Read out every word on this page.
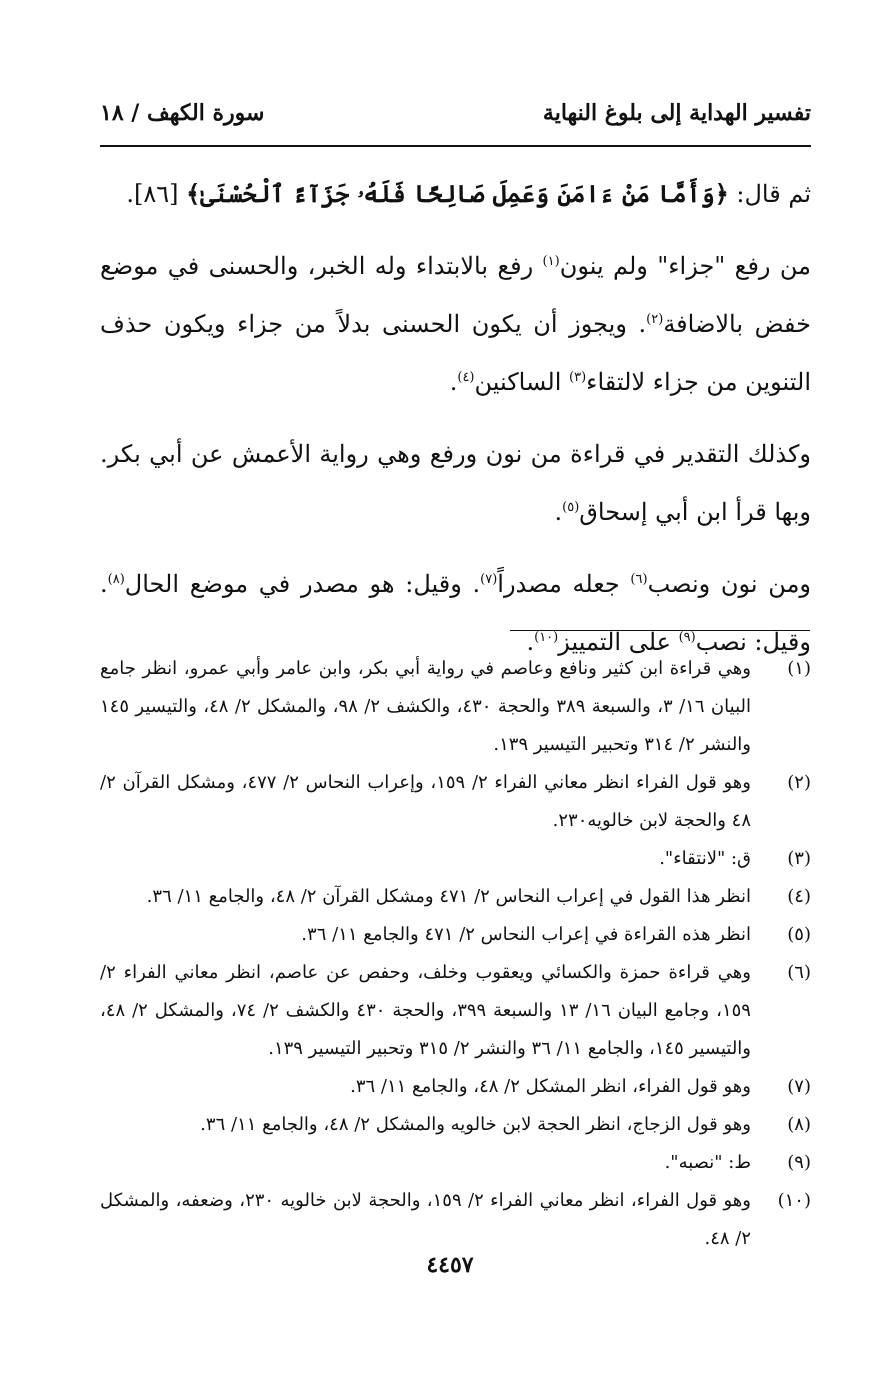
تفسير الهداية إلى بلوغ النهاية
سورة الكهف / ١٨

ثم قال: ﴿وَأَمَّا مَنْ ءَامَنَ وَعَمِلَ صَالِحًا فَلَهُۥ جَزَآءً ٱلْحُسْنَىٰ﴾ [٨٦].

من رفع "جزاء" ولم ينون$^{(١)}$ رفع بالابتداء وله الخبر، والحسنى في موضع خفض بالاضافة$^{(٢)}$. ويجوز أن يكون الحسنى بدلاً من جزاء ويكون حذف التنوين من جزاء لالتقاء$^{(٣)}$ الساكنين$^{(٤)}$.

وكذلك التقدير في قراءة من نون ورفع وهي رواية الأعمش عن أبي بكر. وبها قرأ ابن أبي إسحاق$^{(٥)}$.

ومن نون ونصب$^{(٦)}$ جعله مصدراً$^{(٧)}$. وقيل: هو مصدر في موضع الحال$^{(٨)}$. وقيل: نصب$^{(٩)}$ على التمييز$^{(١٠)}$.

(١)
وهي قراءة ابن كثير ونافع وعاصم في رواية أبي بكر، وابن عامر وأبي عمرو، انظر جامع البيان ١٦/ ٣، والسبعة ٣٨٩ والحجة ٤٣٠، والكشف ٢/ ٩٨، والمشكل ٢/ ٤٨، والتيسير ١٤٥ والنشر ٢/ ٣١٤ وتحبير التيسير ١٣٩.
(٢)
وهو قول الفراء انظر معاني الفراء ٢/ ١٥٩، وإعراب النحاس ٢/ ٤٧٧، ومشكل القرآن ٢/ ٤٨ والحجة لابن خالويه٢٣٠.
(٣)
ق: "لانتقاء".
(٤)
انظر هذا القول في إعراب النحاس ٢/ ٤٧١ ومشكل القرآن ٢/ ٤٨، والجامع ١١/ ٣٦.
(٥)
انظر هذه القراءة في إعراب النحاس ٢/ ٤٧١ والجامع ١١/ ٣٦.
(٦)
وهي قراءة حمزة والكسائي ويعقوب وخلف، وحفص عن عاصم، انظر معاني الفراء ٢/ ١٥٩، وجامع البيان ١٦/ ١٣ والسبعة ٣٩٩، والحجة ٤٣٠ والكشف ٢/ ٧٤، والمشكل ٢/ ٤٨، والتيسير ١٤٥، والجامع ١١/ ٣٦ والنشر ٢/ ٣١٥ وتحبير التيسير ١٣٩.
(٧)
وهو قول الفراء، انظر المشكل ٢/ ٤٨، والجامع ١١/ ٣٦.
(٨)
وهو قول الزجاج، انظر الحجة لابن خالويه والمشكل ٢/ ٤٨، والجامع ١١/ ٣٦.
(٩)
ط: "نصبه".
(١٠)
وهو قول الفراء، انظر معاني الفراء ٢/ ١٥٩، والحجة لابن خالويه ٢٣٠، وضعفه، والمشكل ٢/ ٤٨.
٤٤٥٧
